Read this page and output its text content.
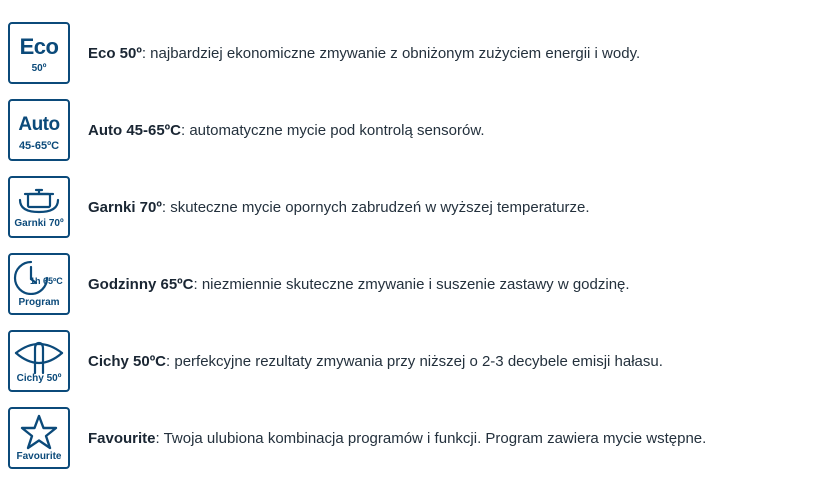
Eco
50º
Eco 50º: najbardziej ekonomiczne zmywanie z obniżonym zużyciem energii i wody.
Auto
45-65ºC
Auto 45-65ºC: automatyczne mycie pod kontrolą sensorów.
Garnki 70º
Garnki 70º: skuteczne mycie opornych zabrudzeń w wyższej temperaturze.
1h 65ºC
Program
Godzinny 65ºC: niezmiennie skuteczne zmywanie i suszenie zastawy w godzinę.
Cichy 50º
Cichy 50ºC: perfekcyjne rezultaty zmywania przy niższej o 2-3 decybele emisji hałasu.
Favourite
Favourite: Twoja ulubiona kombinacja programów i funkcji. Program zawiera mycie wstępne.
